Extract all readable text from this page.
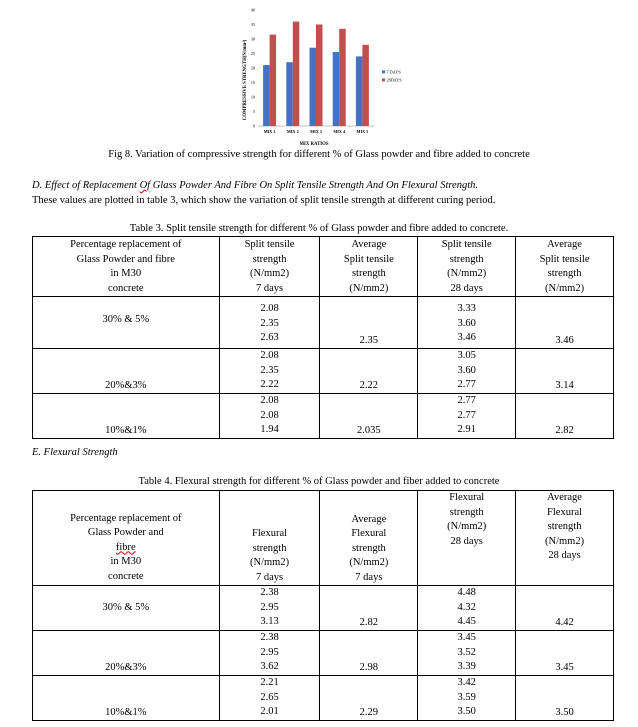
0
5
10
15
20
25
30
35
40
MIX 1	MIX 2	MIX 3	MIX 4	MIX 5
7 DAYS
28DAYS
COMPRESSIVE STRENGTH(N/mm²)
MIX RATIOS
Fig 8. Variation of compressive strength for different % of Glass powder and fibre added to concrete
D. Effect of Replacement Of Glass Powder And Fibre On Split Tensile Strength And On Flexural Strength.
These values are plotted in table 3, which show the variation of split tensile strength at different curing period.
Table 3. Split tensile strength for different % of Glass powder and fibre added to concrete.
Percentage replacement of
Glass Powder and fibre
in M30
concrete	Split tensile
strength
(N/mm2)
7 days	Average
Split tensile
strength
(N/mm2)	Split tensile
strength
(N/mm2)
28 days	Average
Split tensile
strength
(N/mm2)

30% & 5%	2.08
2.35
2.63	2.35	3.33
3.60
3.46	3.46
20%&3%	2.08
2.35
2.22	2.22	3.05
3.60
2.77	3.14
10%&1%	2.08
2.08
1.94	2.035	2.77
2.77
2.91	2.82
E. Flexural Strength
Table 4. Flexural strength for different % of Glass powder and fiber added to concrete
Percentage replacement of
Glass Powder and
fibre
in M30
concrete	Flexural
strength
(N/mm2)
7 days	Average
Flexural
strength
(N/mm2)
7 days	Flexural
strength
(N/mm2)
28 days	Average
Flexural
strength
(N/mm2)
28 days

30% & 5%	2.38
2.95
3.13	2.82	4.48
4.32
4.45	4.42
20%&3%	2.38
2.95
3.62	2.98	3.45
3.52
3.39	3.45
10%&1%	2.21
2.65
2.01	2.29	3.42
3.59
3.50	3.50
